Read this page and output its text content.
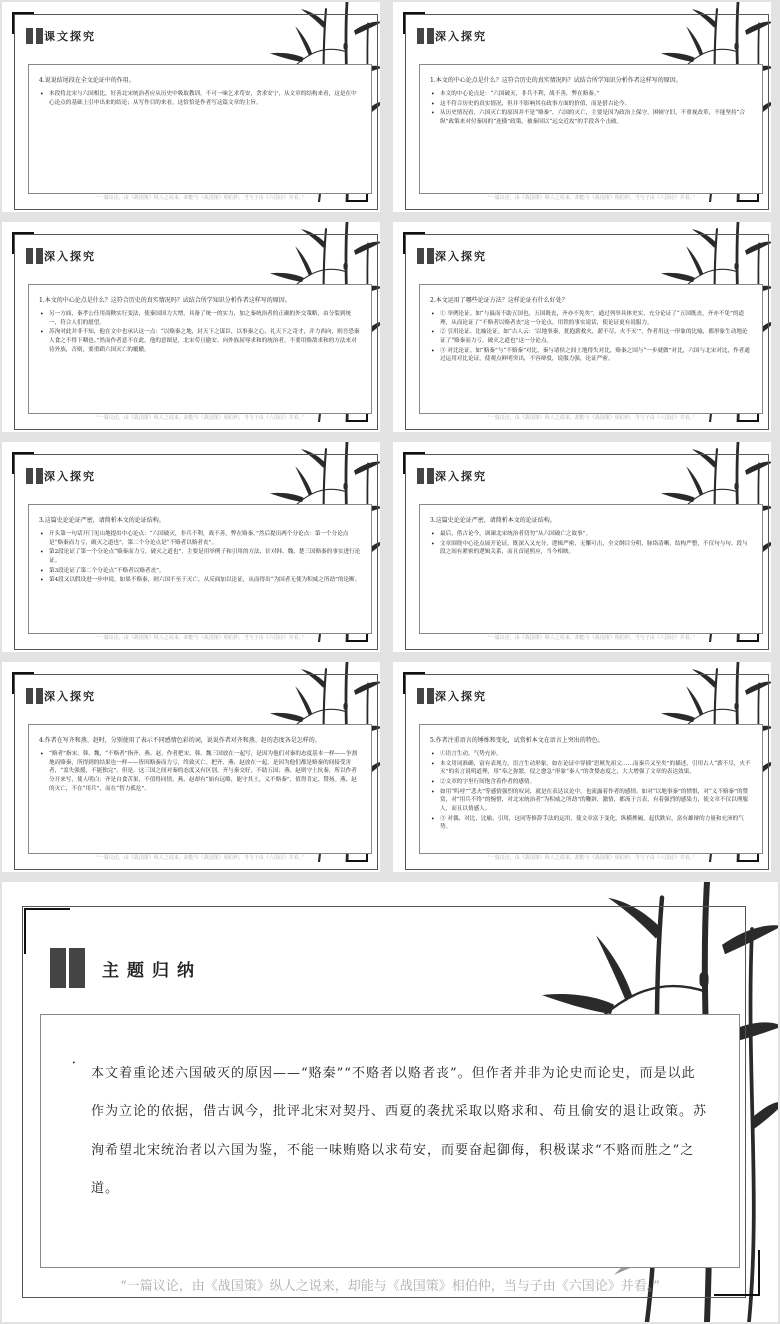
课文探究
4.说说结尾段在全文论证中的作用。
• 本段将北宋与六国相比，好善北宋统治者应从历史中吸取教训，不可一味乞求苟安，贪求安宁，从文章的结构来看，这是在中心论点的基础上引申出来的结论；从写作目的来看，这恰恰是作者写这篇文章的主旨。
“一篇议论，由《战国策》纵人之说来，却能与《战国策》相伯仲，当与子由《六国论》并看。”
深入探究
1.本文的中心论点是什么？这符合历史的真实情况吗？试结合所学知识分析作者这样写的原因。
• 本文的中心论点是：“六国破灭，非兵不利，战不善，弊在赂秦。”
• 这不符合历史的真实情况，但并不影响其在政事方面的价值，而是借古论今。
• 从历史情况看，六国灭亡的原因并不是“赂秦”，六国的灭亡，主要是因为政治上保守，困顿守旧，不重视改革，不能坚持“合纵”政策来对付秦国的“连横”政策，被秦国以“远交近攻”的手段各个击破。
“一篇议论，由《战国策》纵人之说来，却能与《战国策》相伯仲，当与子由《六国论》并看。”
深入探究
1.本文的中心论点是什么？这符合历史的真实情况吗？试结合所学知识分析作者这样写的原因。
• 另一方面，秦孝公任用商鞅实行变法，使秦国国力大增，具备了统一的实力，加之秦统治者的正确的外交策略，由分裂到统一，符合人们的愿望。
• 苏洵对此并非不知，他在文中也承认这一点：“以赂秦之地，封天下之谋臣，以事秦之心，礼天下之奇才，并力西向，则吾恐秦人食之不得下咽也。”然而作者意不在此，他的意图是，北宋苟且偷安、向外族屈辱求和的统治者，不要用赂敌求和的方法来对待外族，否则，要重蹈六国灭亡的覆辙。
“一篇议论，由《战国策》纵人之说来，却能与《战国策》相伯仲，当与子由《六国论》并看。”
深入探究
2.本文运用了哪些论证方法？这样论证有什么好处？
• ① 举例论证。如“与嬴而不助五国也，五国既丧，齐亦不免矣”，通过列举具体史实，充分论证了“五国既丧，齐亦不免”的道理，从而论证了“不赂者以赂者丧”这一分论点，用铁的事实说话，使论证更有说服力。
• ② 引用论证、比喻论证。如“古人云：‘以地事秦，犹抱薪救火，薪不尽，火不灭’”，作者用这一形象的比喻，都形象生动地论证了“赂秦而力亏，破灭之道也”这一分论点。
• ③ 对比论证。如“赂秦”与“不赂秦”对比，秦与诸侯之间土地得失对比，赂秦之国与“一步就做”对比，六国与北宋对比，作者通过运用对比论证，使观点鲜明突出，不容辩驳，说服力强，论证严密。
“一篇议论，由《战国策》纵人之说来，却能与《战国策》相伯仲，当与子由《六国论》并看。”
深入探究
3.这篇史论论证严密，请简析本文的论证结构。
• 开头第一句话开门见山地提出中心论点：“六国破灭，非兵不利，战不善，弊在赂秦。”然后提出两个分论点：第一个分论点是“赂秦而力亏，破灭之道也”，第二个分论点是“不赂者以赂者丧”。
• 第2段论证了第一个分论点“赂秦而力亏，破灭之道也”，主要是用举例子和引用的方法，针对韩、魏、楚三国赂秦的事实进行论证。
• 第3段论证了第二个分论点“不赂者以赂者丧”。
• 第4段又以假设进一步申说，如果不赂秦，则六国不至于灭亡，从反面加以论证，从而得出“为国者无使为积威之所劫”的论断。
“一篇议论，由《战国策》纵人之说来，却能与《战国策》相伯仲，当与子由《六国论》并看。”
深入探究
3.这篇史论论证严密，请简析本文的论证结构。
• 最后，借古论今，讽谏北宋统治者切勿“从六国破亡之故事”。
• 文章围绕中心论点展开论证，既深入又充分，逻辑严密，无懈可击，全文纲目分明，脉络清晰，结构严整，不仅句与句、段与段之间有紧密的逻辑关系，而且首尾照应，当今相映。
“一篇议论，由《战国策》纵人之说来，却能与《战国策》相伯仲，当与子由《六国论》并看。”
深入探究
4.作者在写齐和燕、赵时，分别使用了表示不同感情色彩的词，说说作者对齐和燕、赵的态度各是怎样的。
• “赂者”指宋、韩、魏，“不赂者”指齐、燕、赵。作者把宋、韩、魏三国放在一起写，是因为他们对秦的态度基本一样——争割地而赂秦，所得到的结果也一样——皆因赂秦而力亏，终致灭亡。把齐、燕、赵放在一起，是因为他们都是赂秦的间接受害者，“盖失强援，不能独完”。但是，这三国之间对秦的态度又有区别，齐与秦交好，不助五国；燕、赵则守土抗秦，所以作者分开来写，使人明白：齐是自食苦果，不值得同情，燕、赵却有“始有远略，能守其土，义不赂秦”，值得肯定、赞扬。燕、赵的灭亡，不在“用兵”，而在“智力孤危”。
“一篇议论，由《战国策》纵人之说来，却能与《战国策》相伯仲，当与子由《六国论》并看。”
深入探究
5.作者注重语言的锤炼和变化，试赏析本文在语言上突出的特色。
• ①语言生动，气势充沛。
• 本文用词准确，富有表现力，语言生动形象，如在论证中穿插“思厥先祖父……而秦兵又至矣”的描述，引用古人“薪不尽，火不灭”的名言说明道理，用“奉之弥繁，侵之愈急”形象“秦人”的贪婪态度之，大大增强了文章的表达效果。
• ②文章的字里行间饱含着作者的感情。
• 如用“呜呼”“悲夫”等感情强烈的叹词，就是在表达议论中，也流露着作者的感情。如对“以地事秦”的愤恨，对“义不赂秦”的赞赏，对“用兵不终”的惋惜，对北宋统治者“为积威之所劫”的鞭辟，激情，都流于言表，有着强烈的感染力，使文章不仅以理服人，而且以情感人。
• ③ 对偶、对比、比喻、引用，这同等修辞手法的运用，使文章富于变化，纵横捭阖，起伏跌宕，富有雄辩的力量和充沛的气势。
“一篇议论，由《战国策》纵人之说来，却能与《战国策》相伯仲，当与子由《六国论》并看。”
主题归纳
• 本文着重论述六国破灭的原因——“赂秦”“不赂者以赂者丧”。但作者并非为论史而论史，而是以此作为立论的依据，借古讽今，批评北宋对契丹、西夏的袭扰采取以赂求和、苟且偷安的退让政策。苏洵希望北宋统治者以六国为鉴，不能一味贿赂以求苟安，而要奋起御侮，积极谋求“不赂而胜之”之道。
“一篇议论，由《战国策》纵人之说来，却能与《战国策》相伯仲，当与子由《六国论》并看。”
